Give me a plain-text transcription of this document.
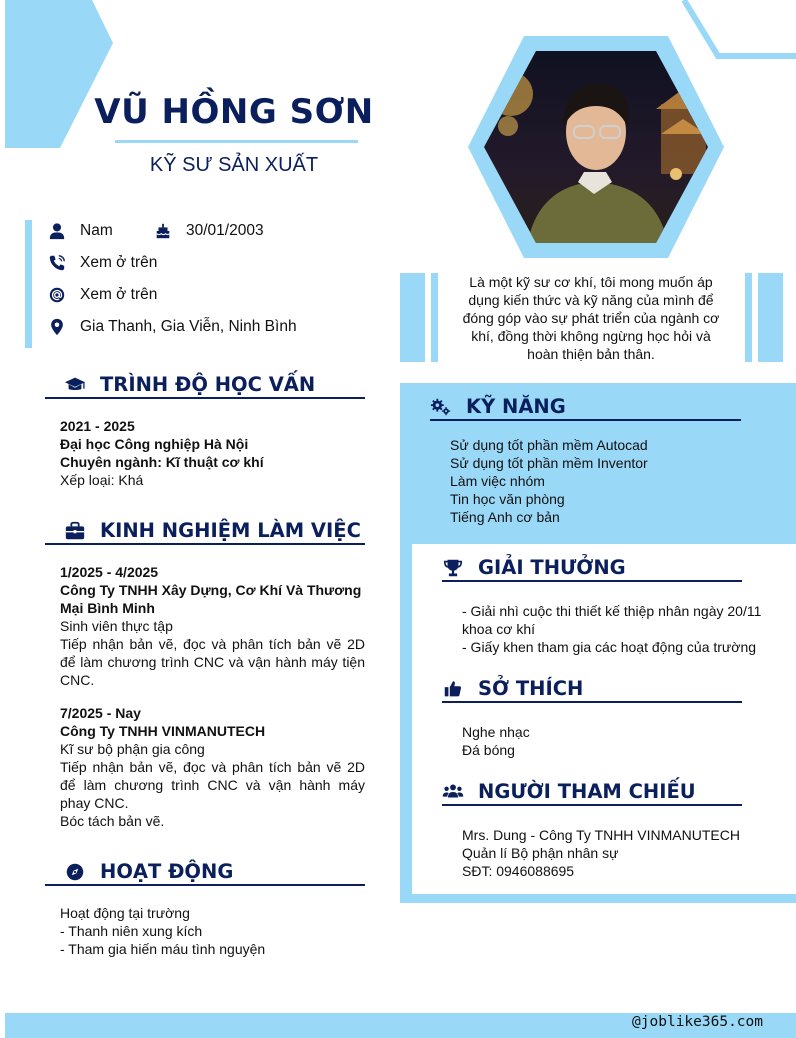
VŨ HỒNG SƠN
KỸ SƯ SẢN XUẤT
Nam	30/01/2003
Xem ở trên
Xem ở trên
Gia Thanh, Gia Viễn, Ninh Bình
Là một kỹ sư cơ khí, tôi mong muốn áp
dụng kiến thức và kỹ năng của mình để
đóng góp vào sự phát triển của ngành cơ
khí, đồng thời không ngừng học hỏi và
hoàn thiện bản thân.
TRÌNH ĐỘ HỌC VẤN
2021 - 2025
Đại học Công nghiệp Hà Nội
Chuyên ngành: Kĩ thuật cơ khí
Xếp loại: Khá
KINH NGHIỆM LÀM VIỆC
1/2025 - 4/2025
Công Ty TNHH Xây Dựng, Cơ Khí Và Thương Mại Bình Minh
Sinh viên thực tập
Tiếp nhận bản vẽ, đọc và phân tích bản vẽ 2D để làm chương trình CNC và vận hành máy tiện CNC.
7/2025 - Nay
Công Ty TNHH VINMANUTECH
Kĩ sư bộ phận gia công
Tiếp nhận bản vẽ, đọc và phân tích bản vẽ 2D để làm chương trình CNC và vận hành máy phay CNC.
Bóc tách bản vẽ.
HOẠT ĐỘNG
Hoạt động tại trường
- Thanh niên xung kích
- Tham gia hiến máu tình nguyện
KỸ NĂNG
Sử dụng tốt phần mềm Autocad
Sử dụng tốt phần mềm Inventor
Làm việc nhóm
Tin học văn phòng
Tiếng Anh cơ bản
GIẢI THƯỞNG
- Giải nhì cuộc thi thiết kế thiệp nhân ngày 20/11 khoa cơ khí
- Giấy khen tham gia các hoạt động của trường
SỞ THÍCH
Nghe nhạc
Đá bóng
NGƯỜI THAM CHIẾU
Mrs. Dung - Công Ty TNHH VINMANUTECH
Quản lí Bộ phận nhân sự
SĐT: 0946088695
@joblike365.com
